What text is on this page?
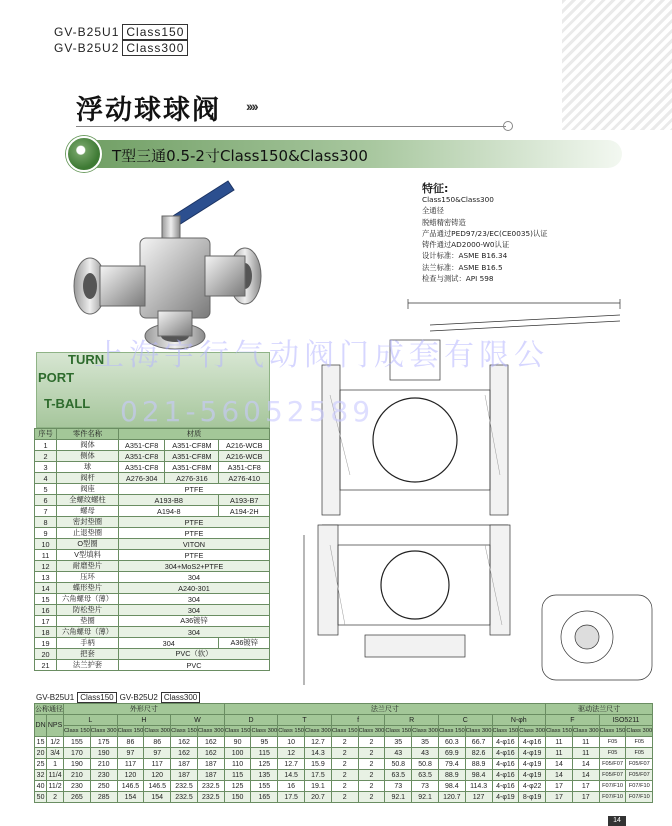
GV-B25U1 Class150
GV-B25U2 Class300
浮动球球阀 ››››
T型三通0.5-2寸Class150&Class300
特征:
Class150&Class300
全通径
脱蜡精密铸造
产品通过PED97/23/EC(CE0035)认证
铸件通过AD2000-W0认证
设计标准：ASME B16.34
法兰标准：ASME B16.5
检查与测试：API 598
TURN
PORT
T-BALL
上海宇行气动阀门成套有限公
021-56052589
序号	零件名称	材质		
1	阀体	A351-CF8	A351-CF8M	A216-WCB
2	侧体	A351-CF8	A351-CF8M	A216-WCB
3	球	A351-CF8	A351-CF8M	A351-CF8
4	阀杆	A276-304	A276-316	A276-410
5	阀座	PTFE		
6	全螺纹螺柱	A193-B8		A193-B7
7	螺母	A194-8		A194-2H
8	密封垫圈	PTFE		
9	止退垫圈	PTFE		
10	O型圈	VITON		
11	V型填料	PTFE		
12	耐磨垫片	304+MoS2+PTFE		
13	压环	304		
14	蝶形垫片	A240-301		
15	六角螺母（薄）	304		
16	防松垫片	304		
17	垫圈	A36镀锌		
18	六角螺母（薄）	304		
19	手柄	304		A36镀锌
20	把套	PVC（软）		
21	法兰护套	PVC		
GV-B25U1 Class150 GV-B25U2 Class300
公称通径		外形尺寸						法兰尺寸												驱动法兰尺寸			
DN	NPS	L		H		W		D		T		f		R		C		N-φh		F		ISO5211	
		Class 150	Class 300	Class 150	Class 300	Class 150	Class 300	Class 150	Class 300	Class 150	Class 300	Class 150	Class 300	Class 150	Class 300	Class 150	Class 300	Class 150	Class 300	Class 150	Class 300	Class 150	Class 300
15	1/2	155	175	86	86	162	162	90	95	10	12.7	2	2	35	35	60.3	66.7	4-φ16	4-φ16	11	11	F05	F05
20	3/4	170	190	97	97	162	162	100	115	12	14.3	2	2	43	43	69.9	82.6	4-φ16	4-φ19	11	11	F05	F05
25	1	190	210	117	117	187	187	110	125	12.7	15.9	2	2	50.8	50.8	79.4	88.9	4-φ16	4-φ19	14	14	F05/F07	F05/F07
32	11/4	210	230	120	120	187	187	115	135	14.5	17.5	2	2	63.5	63.5	88.9	98.4	4-φ16	4-φ19	14	14	F05/F07	F05/F07
40	11/2	230	250	146.5	146.5	232.5	232.5	125	155	16	19.1	2	2	73	73	98.4	114.3	4-φ16	4-φ22	17	17	F07/F10	F07/F10
50	2	265	285	154	154	232.5	232.5	150	165	17.5	20.7	2	2	92.1	92.1	120.7	127	4-φ19	8-φ19	17	17	F07/F10	F07/F10
14
